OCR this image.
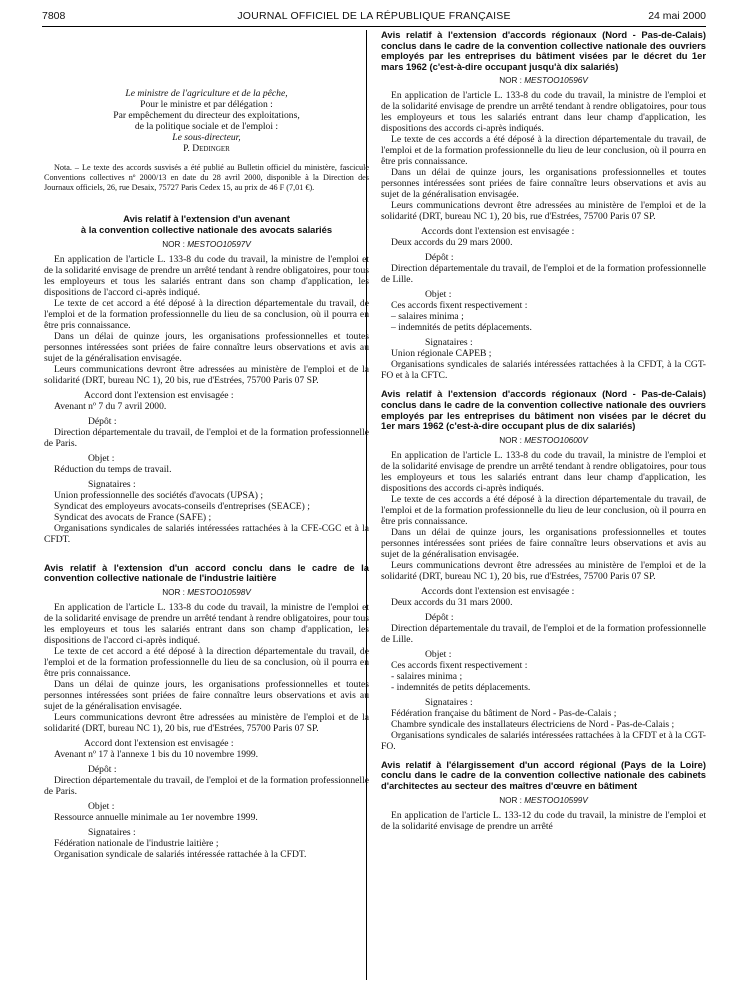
7808	JOURNAL OFFICIEL DE LA RÉPUBLIQUE FRANÇAISE	24 mai 2000

Le ministre de l'agriculture et de la pêche,

Pour le ministre et par délégation :

Par empêchement du directeur des exploitations,

de la politique sociale et de l'emploi :

Le sous-directeur,

P. Dedinger

Nota. – Le texte des accords susvisés a été publié au Bulletin officiel du ministère, fascicule Conventions collectives nº 2000/13 en date du 28 avril 2000, disponible à la Direction des Journaux officiels, 26, rue Desaix, 75727 Paris Cedex 15, au prix de 46 F (7,01 €).

Avis relatif à l'extension d'un avenant

à la convention collective nationale des avocats salariés

NOR : MESTOO10597V

En application de l'article L. 133-8 du code du travail, la ministre de l'emploi et de la solidarité envisage de prendre un arrêté tendant à rendre obligatoires, pour tous les employeurs et tous les salariés entrant dans son champ d'application, les dispositions de l'accord ci-après indiqué.

Le texte de cet accord a été déposé à la direction départementale du travail, de l'emploi et de la formation professionnelle du lieu de sa conclusion, où il pourra en être pris connaissance.

Dans un délai de quinze jours, les organisations professionnelles et toutes personnes intéressées sont priées de faire connaître leurs observations et avis au sujet de la généralisation envisagée.

Leurs communications devront être adressées au ministère de l'emploi et de la solidarité (DRT, bureau NC 1), 20 bis, rue d'Estrées, 75700 Paris 07 SP.

Accord dont l'extension est envisagée :

Avenant nº 7 du 7 avril 2000.

Dépôt :

Direction départementale du travail, de l'emploi et de la formation professionnelle de Paris.

Objet :

Réduction du temps de travail.

Signataires :

Union professionnelle des sociétés d'avocats (UPSA) ;

Syndicat des employeurs avocats-conseils d'entreprises (SEACE) ;

Syndicat des avocats de France (SAFE) ;

Organisations syndicales de salariés intéressées rattachées à la CFE-CGC et à la CFDT.

Avis relatif à l'extension d'un accord conclu dans le cadre de la convention collective nationale de l'industrie laitière

NOR : MESTOO10598V

En application de l'article L. 133-8 du code du travail, la ministre de l'emploi et de la solidarité envisage de prendre un arrêté tendant à rendre obligatoires, pour tous les employeurs et tous les salariés entrant dans son champ d'application, les dispositions de l'accord ci-après indiqué.

Le texte de cet accord a été déposé à la direction départementale du travail, de l'emploi et de la formation professionnelle du lieu de sa conclusion, où il pourra en être pris connaissance.

Dans un délai de quinze jours, les organisations professionnelles et toutes personnes intéressées sont priées de faire connaître leurs observations et avis au sujet de la généralisation envisagée.

Leurs communications devront être adressées au ministère de l'emploi et de la solidarité (DRT, bureau NC 1), 20 bis, rue d'Estrées, 75700 Paris 07 SP.

Accord dont l'extension est envisagée :

Avenant nº 17 à l'annexe 1 bis du 10 novembre 1999.

Dépôt :

Direction départementale du travail, de l'emploi et de la formation professionnelle de Paris.

Objet :

Ressource annuelle minimale au 1er novembre 1999.

Signataires :

Fédération nationale de l'industrie laitière ;

Organisation syndicale de salariés intéressée rattachée à la CFDT.

Avis relatif à l'extension d'accords régionaux (Nord - Pas-de-Calais) conclus dans le cadre de la convention collective nationale des ouvriers employés par les entreprises du bâtiment visées par le décret du 1er mars 1962 (c'est-à-dire occupant jusqu'à dix salariés)

NOR : MESTOO10596V

En application de l'article L. 133-8 du code du travail, la ministre de l'emploi et de la solidarité envisage de prendre un arrêté tendant à rendre obligatoires, pour tous les employeurs et tous les salariés entrant dans leur champ d'application, les dispositions des accords ci-après indiqués.

Le texte de ces accords a été déposé à la direction départementale du travail, de l'emploi et de la formation professionnelle du lieu de leur conclusion, où il pourra en être pris connaissance.

Dans un délai de quinze jours, les organisations professionnelles et toutes personnes intéressées sont priées de faire connaître leurs observations et avis au sujet de la généralisation envisagée.

Leurs communications devront être adressées au ministère de l'emploi et de la solidarité (DRT, bureau NC 1), 20 bis, rue d'Estrées, 75700 Paris 07 SP.

Accords dont l'extension est envisagée :

Deux accords du 29 mars 2000.

Dépôt :

Direction départementale du travail, de l'emploi et de la formation professionnelle de Lille.

Objet :

Ces accords fixent respectivement :

– salaires minima ;

– indemnités de petits déplacements.

Signataires :

Union régionale CAPEB ;

Organisations syndicales de salariés intéressées rattachées à la CFDT, à la CGT-FO et à la CFTC.

Avis relatif à l'extension d'accords régionaux (Nord - Pas-de-Calais) conclus dans le cadre de la convention collective nationale des ouvriers employés par les entreprises du bâtiment non visées par le décret du 1er mars 1962 (c'est-à-dire occupant plus de dix salariés)

NOR : MESTOO10600V

En application de l'article L. 133-8 du code du travail, la ministre de l'emploi et de la solidarité envisage de prendre un arrêté tendant à rendre obligatoires, pour tous les employeurs et tous les salariés entrant dans leur champ d'application, les dispositions des accords ci-après indiqués.

Le texte de ces accords a été déposé à la direction départementale du travail, de l'emploi et de la formation professionnelle du lieu de leur conclusion, où il pourra en être pris connaissance.

Dans un délai de quinze jours, les organisations professionnelles et toutes personnes intéressées sont priées de faire connaître leurs observations et avis au sujet de la généralisation envisagée.

Leurs communications devront être adressées au ministère de l'emploi et de la solidarité (DRT, bureau NC 1), 20 bis, rue d'Estrées, 75700 Paris 07 SP.

Accords dont l'extension est envisagée :

Deux accords du 31 mars 2000.

Dépôt :

Direction départementale du travail, de l'emploi et de la formation professionnelle de Lille.

Objet :

Ces accords fixent respectivement :

- salaires minima ;

- indemnités de petits déplacements.

Signataires :

Fédération française du bâtiment de Nord - Pas-de-Calais ;

Chambre syndicale des installateurs électriciens de Nord - Pas-de-Calais ;

Organisations syndicales de salariés intéressées rattachées à la CFDT et à la CGT-FO.

Avis relatif à l'élargissement d'un accord régional (Pays de la Loire) conclu dans le cadre de la convention collective nationale des cabinets d'architectes au secteur des maîtres d'œuvre en bâtiment

NOR : MESTOO10599V

En application de l'article L. 133-12 du code du travail, la ministre de l'emploi et de la solidarité envisage de prendre un arrêté
